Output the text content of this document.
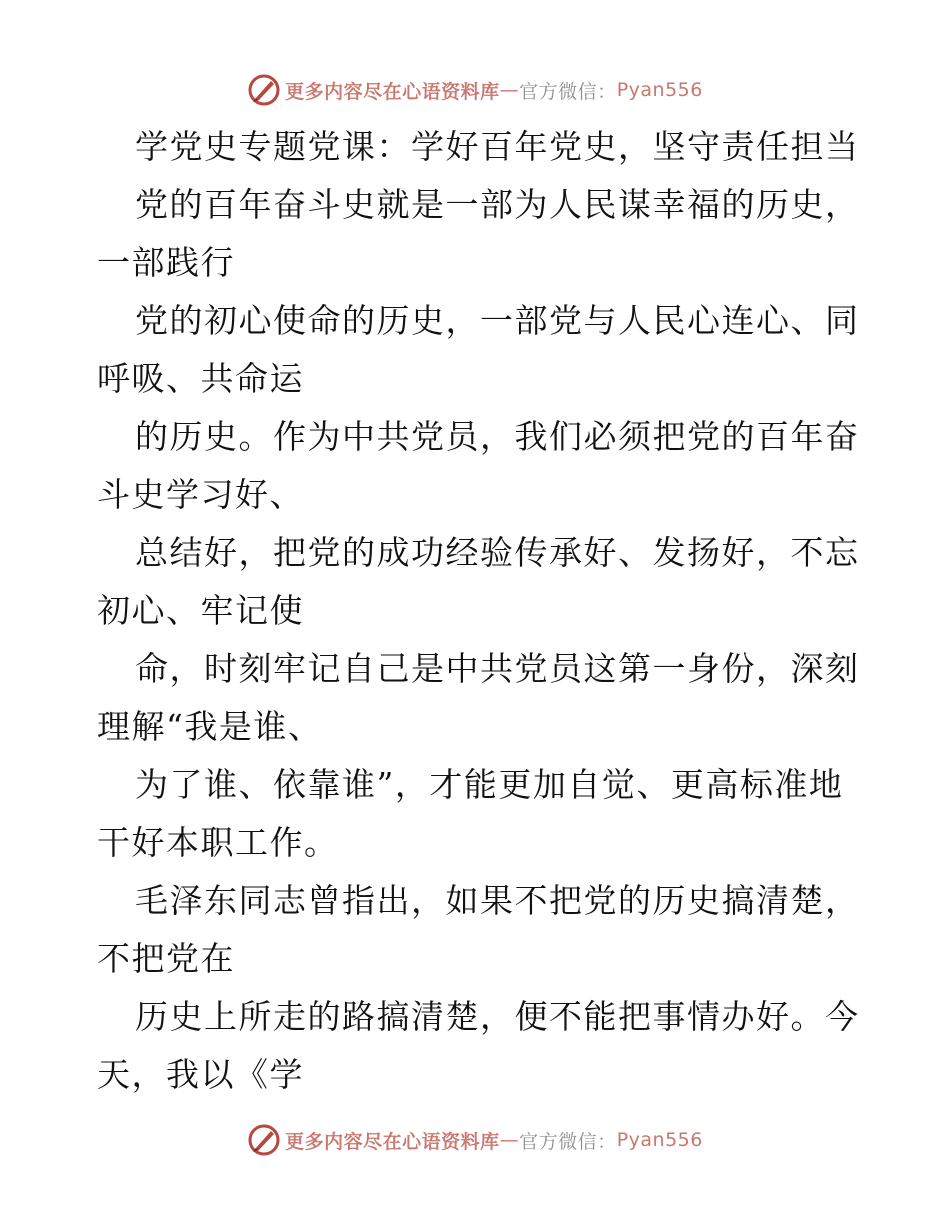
更多内容尽在心语资料库 — 官方微信： Pyan556
学党史专题党课：学好百年党史，坚守责任担当
党的百年奋斗史就是一部为人民谋幸福的历史，
一部践行
党的初心使命的历史，一部党与人民心连心、同
呼吸、共命运
的历史。作为中共党员，我们必须把党的百年奋
斗史学习好、
总结好，把党的成功经验传承好、发扬好，不忘
初心、牢记使
命，时刻牢记自己是中共党员这第一身份，深刻
理解“我是谁、
为了谁、依靠谁”，才能更加自觉、更高标准地
干好本职工作。
毛泽东同志曾指出，如果不把党的历史搞清楚，
不把党在
历史上所走的路搞清楚，便不能把事情办好。今
天，我以《学
更多内容尽在心语资料库 — 官方微信： Pyan556
